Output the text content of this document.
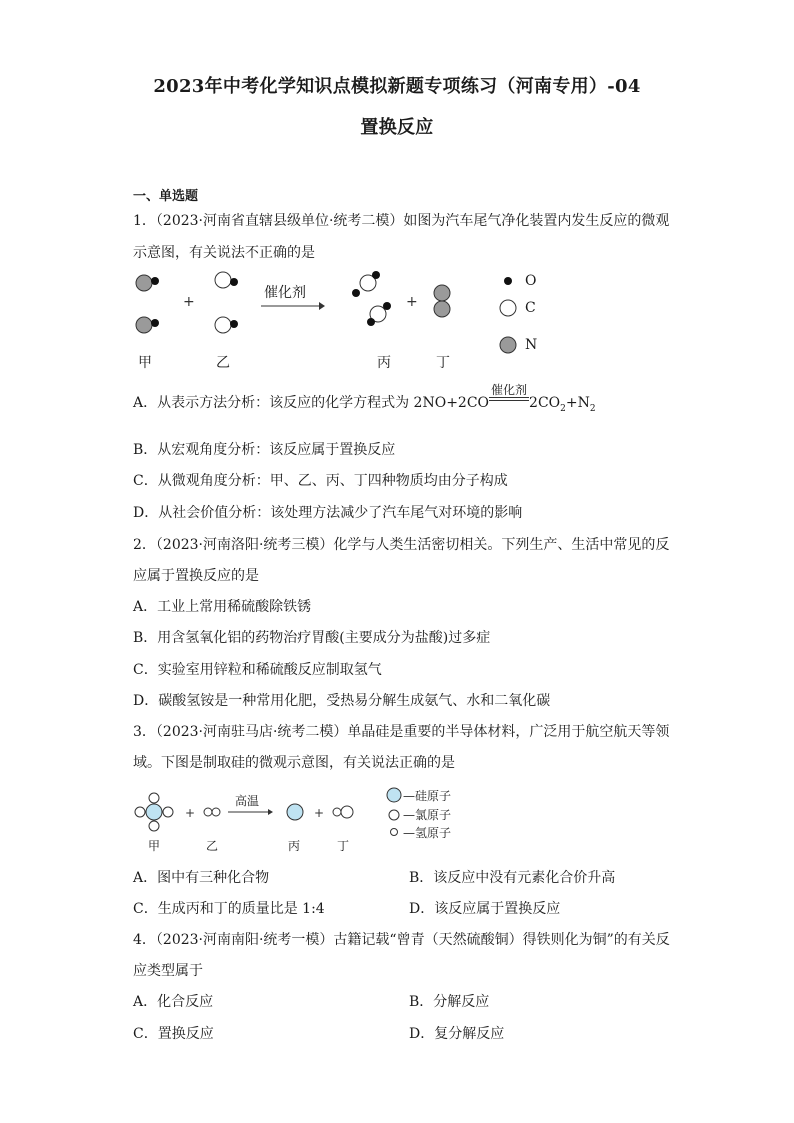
2023年中考化学知识点模拟新题专项练习（河南专用）-04
置换反应
一、单选题
1．（2023·河南省直辖县级单位·统考二模）如图为汽车尾气净化装置内发生反应的微观
示意图，有关说法不正确的是
+	+
催化剂
O
C
N
甲	乙	丙	丁
A．从表示方法分析：该反应的化学方程式为 2NO+2CO
催化剂
$2CO_2+N_2$
B．从宏观角度分析：该反应属于置换反应
C．从微观角度分析：甲、乙、丙、丁四种物质均由分子构成
D．从社会价值分析：该处理方法减少了汽车尾气对环境的影响
2．（2023·河南洛阳·统考三模）化学与人类生活密切相关。下列生产、生活中常见的反
应属于置换反应的是
A．工业上常用稀硫酸除铁锈
B．用含氢氧化铝的药物治疗胃酸(主要成分为盐酸)过多症
C．实验室用锌粒和稀硫酸反应制取氢气
D．碳酸氢铵是一种常用化肥，受热易分解生成氨气、水和二氧化碳
3．（2023·河南驻马店·统考二模）单晶硅是重要的半导体材料，广泛用于航空航天等领
域。下图是制取硅的微观示意图，有关说法正确的是
+	+
高温	—硅原子
—氯原子
—氢原子
甲	乙	丙	丁
A．图中有三种化合物	B．该反应中没有元素化合价升高
C．生成丙和丁的质量比是 1:4	D．该反应属于置换反应
4．（2023·河南南阳·统考一模）古籍记载“曾青（天然硫酸铜）得铁则化为铜”的有关反
应类型属于
A．化合反应	B．分解反应
C．置换反应	D．复分解反应
